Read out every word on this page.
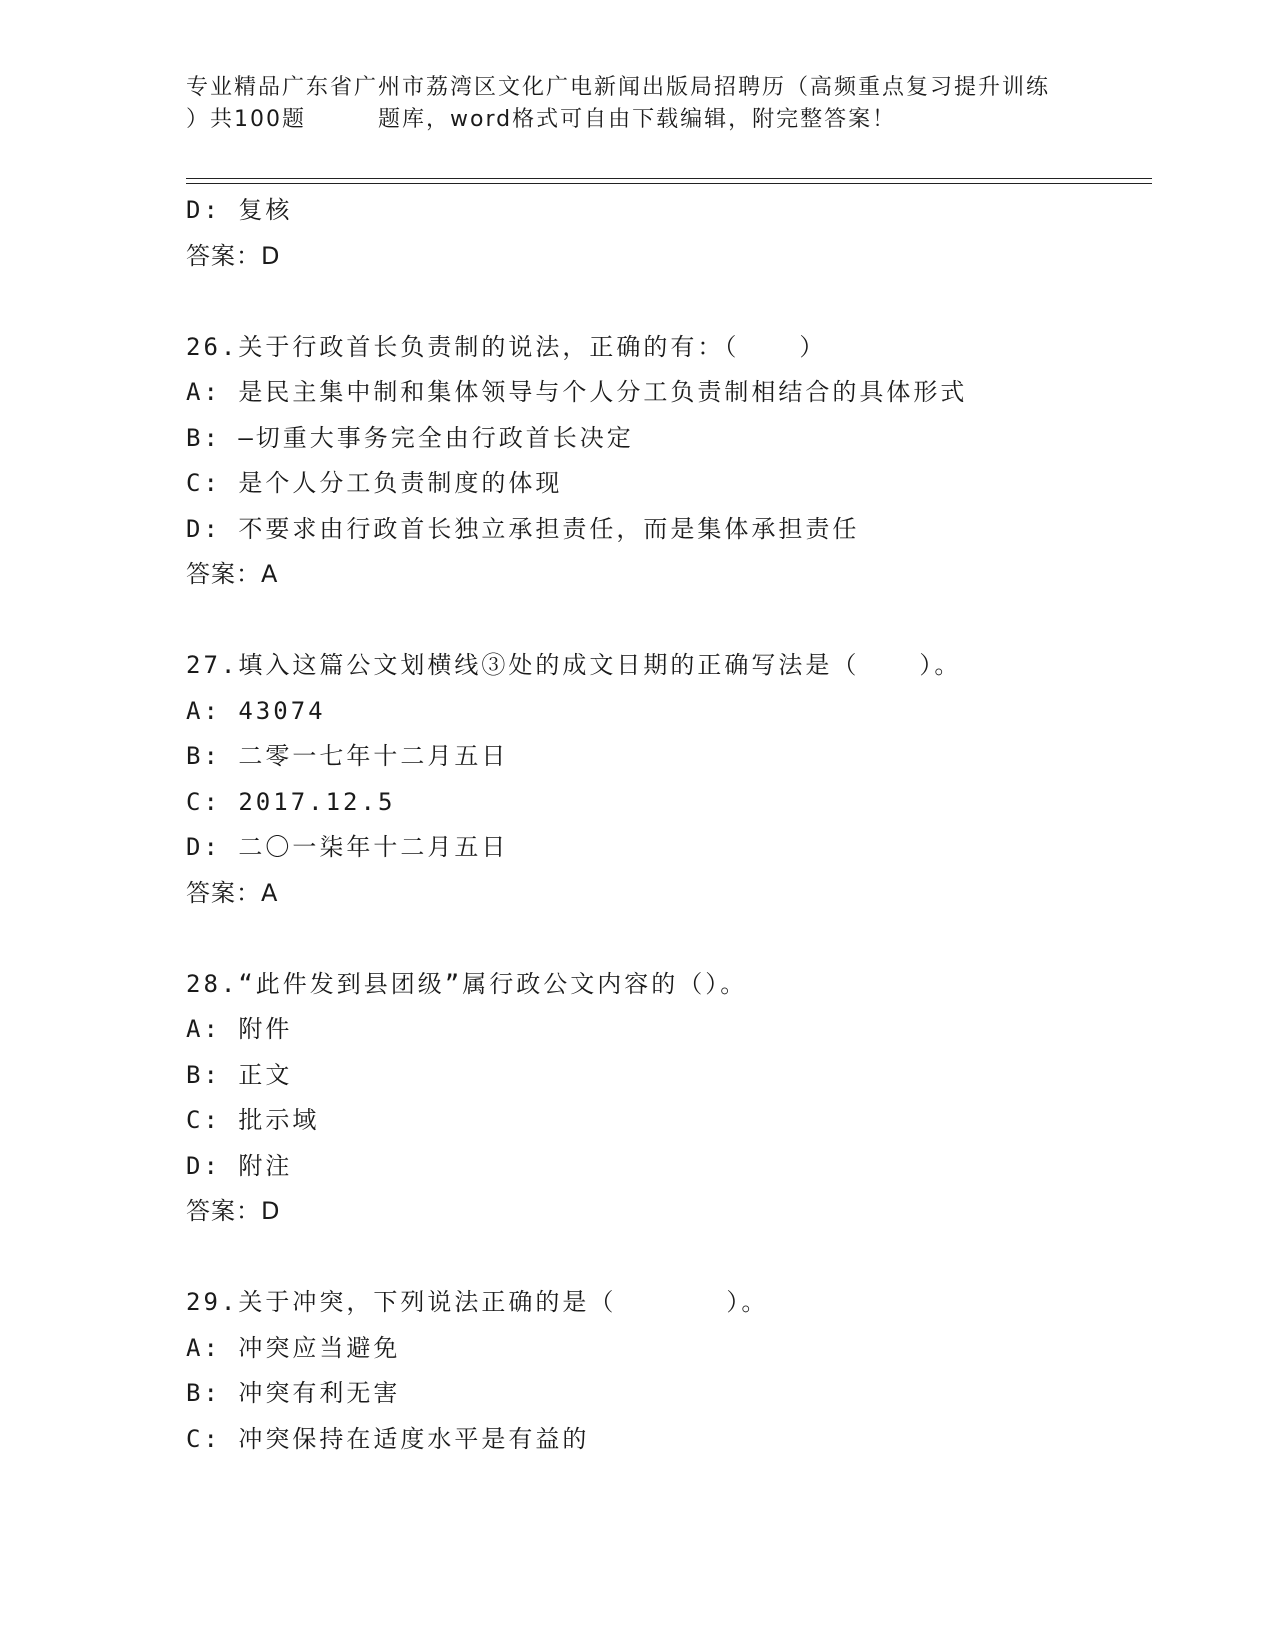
专业精品广东省广州市荔湾区文化广电新闻出版局招聘历（高频重点复习提升训练
）共100题	题库，word格式可自由下载编辑，附完整答案！
D: 复核
答案：D
26.关于行政首长负责制的说法，正确的有：（	）
A: 是民主集中制和集体领导与个人分工负责制相结合的具体形式
B: —切重大事务完全由行政首长决定
C: 是个人分工负责制度的体现
D: 不要求由行政首长独立承担责任，而是集体承担责任
答案：A
27.填入这篇公文划横线③处的成文日期的正确写法是（	）。
A: 43074
B: 二零一七年十二月五日
C: 2017.12.5
D: 二〇一柒年十二月五日
答案：A
28.“此件发到县团级”属行政公文内容的（）。
A: 附件
B: 正文
C: 批示域
D: 附注
答案：D
29.关于冲突，下列说法正确的是（	）。
A: 冲突应当避免
B: 冲突有利无害
C: 冲突保持在适度水平是有益的
